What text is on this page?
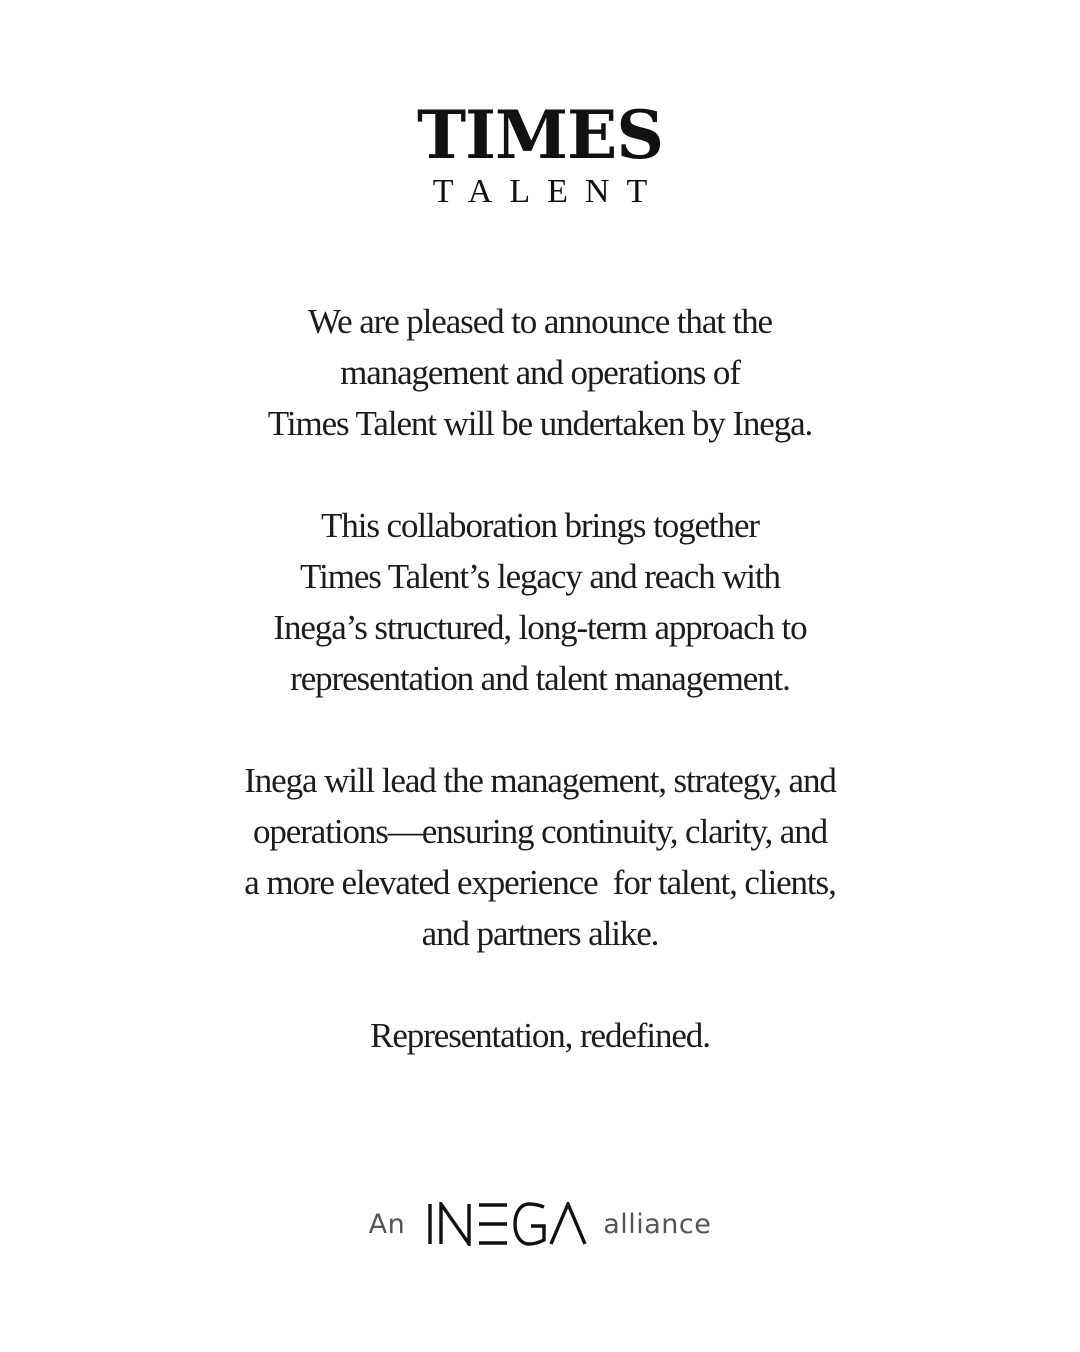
TIMES
TALENT
We are pleased to announce that the
management and operations of
Times Talent will be undertaken by Inega.
This collaboration brings together
Times Talent’s legacy and reach with
Inega’s structured, long-term approach to
representation and talent management.
Inega will lead the management, strategy, and
operations—ensuring continuity, clarity, and
a more elevated experience  for talent, clients,
and partners alike.

Representation, redefined.

An	alliance
